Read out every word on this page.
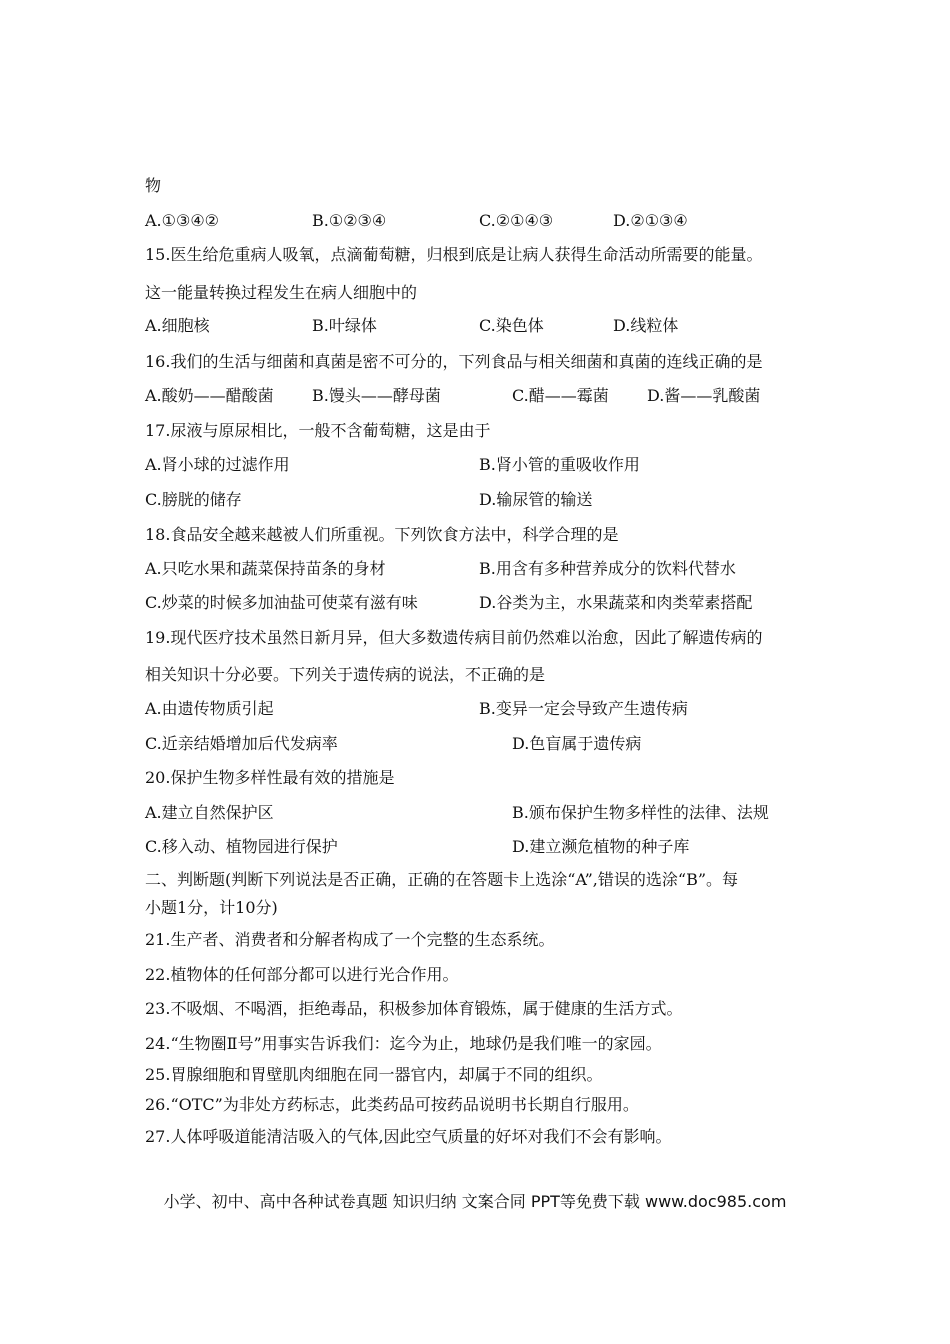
物
A.①③④②	B.①②③④	C.②①④③	D.②①③④
15.医生给危重病人吸氧，点滴葡萄糖，归根到底是让病人获得生命活动所需要的能量。
这一能量转换过程发生在病人细胞中的
A.细胞核	B.叶绿体	C.染色体	D.线粒体
16.我们的生活与细菌和真菌是密不可分的，下列食品与相关细菌和真菌的连线正确的是
A.酸奶——醋酸菌 B.馒头——酵母菌	C.醋——霉菌 D.酱——乳酸菌
17.尿液与原尿相比，一般不含葡萄糖，这是由于
A.肾小球的过滤作用	B.肾小管的重吸收作用
C.膀胱的储存	D.输尿管的输送
18.食品安全越来越被人们所重视。下列饮食方法中，科学合理的是
A.只吃水果和蔬菜保持苗条的身材	B.用含有多种营养成分的饮料代替水
C.炒菜的时候多加油盐可使菜有滋有味	D.谷类为主，水果蔬菜和肉类荤素搭配
19.现代医疗技术虽然日新月异，但大多数遗传病目前仍然难以治愈，因此了解遗传病的
相关知识十分必要。下列关于遗传病的说法，不正确的是
A.由遗传物质引起	B.变异一定会导致产生遗传病
C.近亲结婚增加后代发病率	D.色盲属于遗传病
20.保护生物多样性最有效的措施是
A.建立自然保护区	B.颁布保护生物多样性的法律、法规
C.移入动、植物园进行保护	D.建立濒危植物的种子库
二、判断题(判断下列说法是否正确，正确的在答题卡上选涂“A”,错误的选涂“B”。每
小题1分，计10分)
21.生产者、消费者和分解者构成了一个完整的生态系统。
22.植物体的任何部分都可以进行光合作用。
23.不吸烟、不喝酒，拒绝毒品，积极参加体育锻炼，属于健康的生活方式。
24.“生物圈Ⅱ号”用事实告诉我们：迄今为止，地球仍是我们唯一的家园。
25.胃腺细胞和胃壁肌肉细胞在同一器官内，却属于不同的组织。
26.“OTC”为非处方药标志，此类药品可按药品说明书长期自行服用。
27.人体呼吸道能清洁吸入的气体,因此空气质量的好坏对我们不会有影响。
小学、初中、高中各种试卷真题 知识归纳 文案合同 PPT等免费下载 www.doc985.com
